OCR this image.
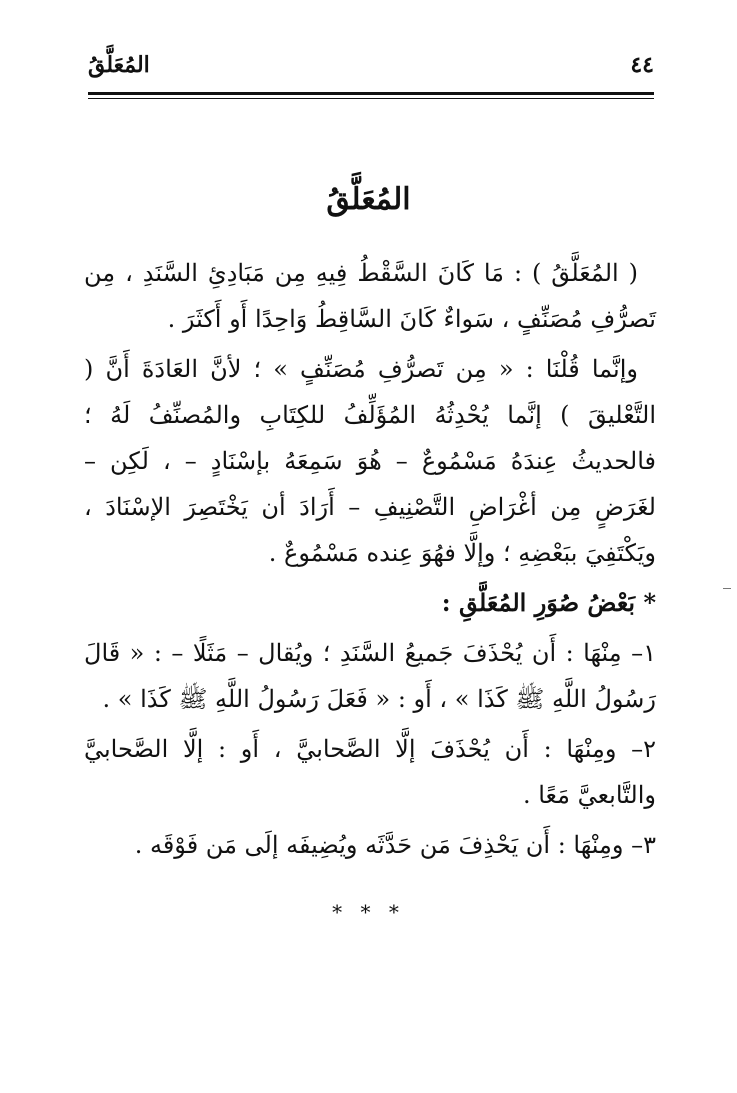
٤٤
المُعَلَّقُ
المُعَلَّقُ

( المُعَلَّقُ ) : مَا كَانَ السَّقْطُ فِيهِ مِن مَبَادِئِ السَّنَدِ ، مِن تَصرُّفِ مُصَنِّفٍ ، سَواءٌ كَانَ السَّاقِطُ وَاحِدًا أَو أَكثَرَ .

وإنَّما قُلْنَا : « مِن تَصرُّفِ مُصَنِّفٍ » ؛ لأنَّ العَادَةَ أَنَّ ( التَّعْليقَ ) إنَّما يُحْدِثُهُ المُؤَلِّفُ للكِتَابِ والمُصنِّفُ لَهُ ؛ فالحديثُ عِندَهُ مَسْمُوعٌ – هُوَ سَمِعَهُ بإسْنَادٍ – ، لَكِن – لغَرَضٍ مِن أغْرَاضِ التَّصْنِيفِ – أَرَادَ أن يَخْتَصِرَ الإسْنَادَ ، ويَكْتَفِيَ ببَعْضِهِ ؛ وإلَّا فهُوَ عِنده مَسْمُوعٌ .

* بَعْضُ صُوَرِ المُعَلَّقِ :

١– مِنْهَا : أَن يُحْذَفَ جَميعُ السَّنَدِ ؛ ويُقال – مَثَلًا – : « قَالَ رَسُولُ اللَّهِ ﷺ كَذَا » ، أَو : « فَعَلَ رَسُولُ اللَّهِ ﷺ كَذَا » .

٢– ومِنْهَا : أَن يُحْذَفَ إلَّا الصَّحابيَّ ، أَو : إلَّا الصَّحابيَّ والتَّابعيَّ مَعًا .

٣– ومِنْهَا : أَن يَحْذِفَ مَن حَدَّثَه ويُضِيفَه إلَى مَن فَوْقَه .

* * *
